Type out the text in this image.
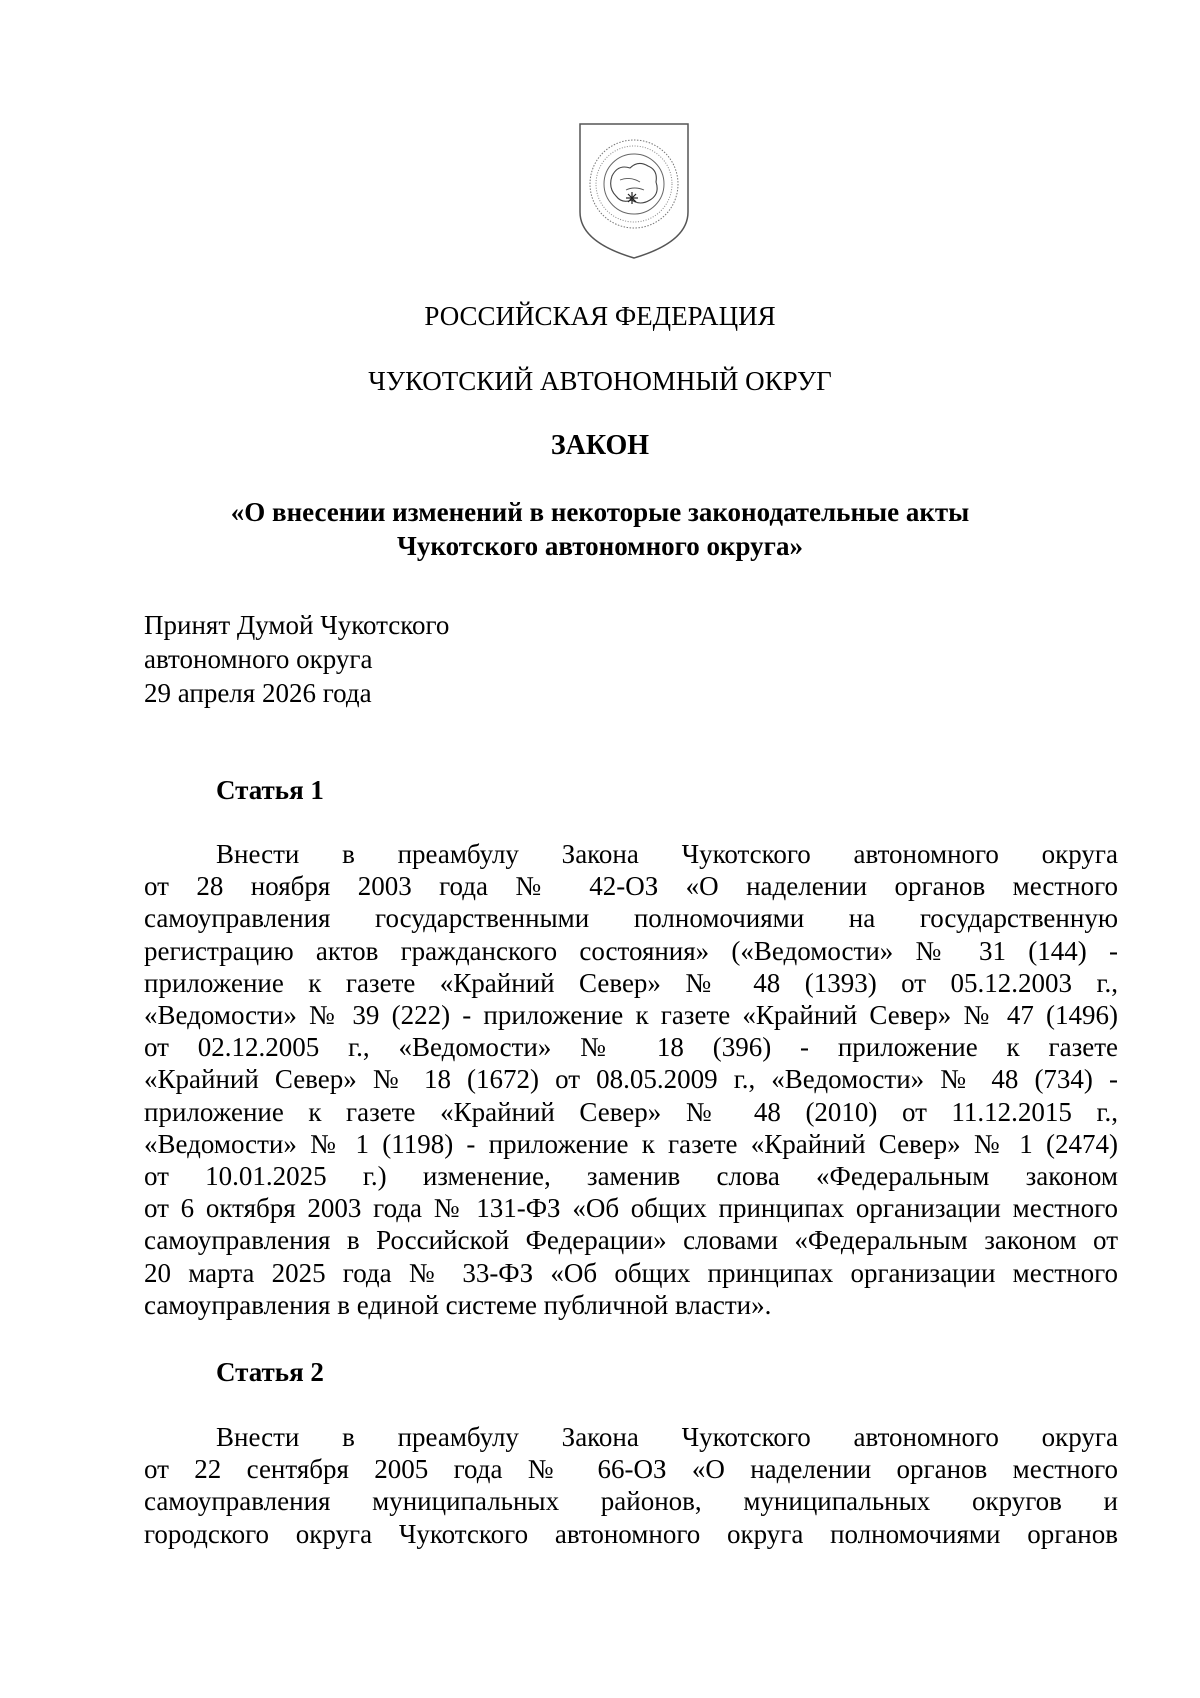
РОССИЙСКАЯ ФЕДЕРАЦИЯ
ЧУКОТСКИЙ АВТОНОМНЫЙ ОКРУГ
ЗАКОН
«О внесении изменений в некоторые законодательные акты
Чукотского автономного округа»
Принят Думой Чукотского
автономного округа
29 апреля 2026 года
Статья 1
Внести в преамбулу Закона Чукотского автономного округа
от 28 ноября 2003 года № 42-ОЗ «О наделении органов местного
самоуправления государственными полномочиями на государственную
регистрацию актов гражданского состояния» («Ведомости» № 31 (144) -
приложение к газете «Крайний Север» № 48 (1393) от 05.12.2003 г.,
«Ведомости» № 39 (222) - приложение к газете «Крайний Север» № 47 (1496)
от 02.12.2005 г., «Ведомости» № 18 (396) - приложение к газете
«Крайний Север» № 18 (1672) от 08.05.2009 г., «Ведомости» № 48 (734) -
приложение к газете «Крайний Север» № 48 (2010) от 11.12.2015 г.,
«Ведомости» № 1 (1198) - приложение к газете «Крайний Север» № 1 (2474)
от 10.01.2025 г.) изменение, заменив слова «Федеральным законом
от 6 октября 2003 года № 131-ФЗ «Об общих принципах организации местного
самоуправления в Российской Федерации» словами «Федеральным законом от
20 марта 2025 года № 33-ФЗ «Об общих принципах организации местного
самоуправления в единой системе публичной власти».
Статья 2
Внести в преамбулу Закона Чукотского автономного округа
от 22 сентября 2005 года № 66-ОЗ «О наделении органов местного
самоуправления муниципальных районов, муниципальных округов и
городского округа Чукотского автономного округа полномочиями органов
